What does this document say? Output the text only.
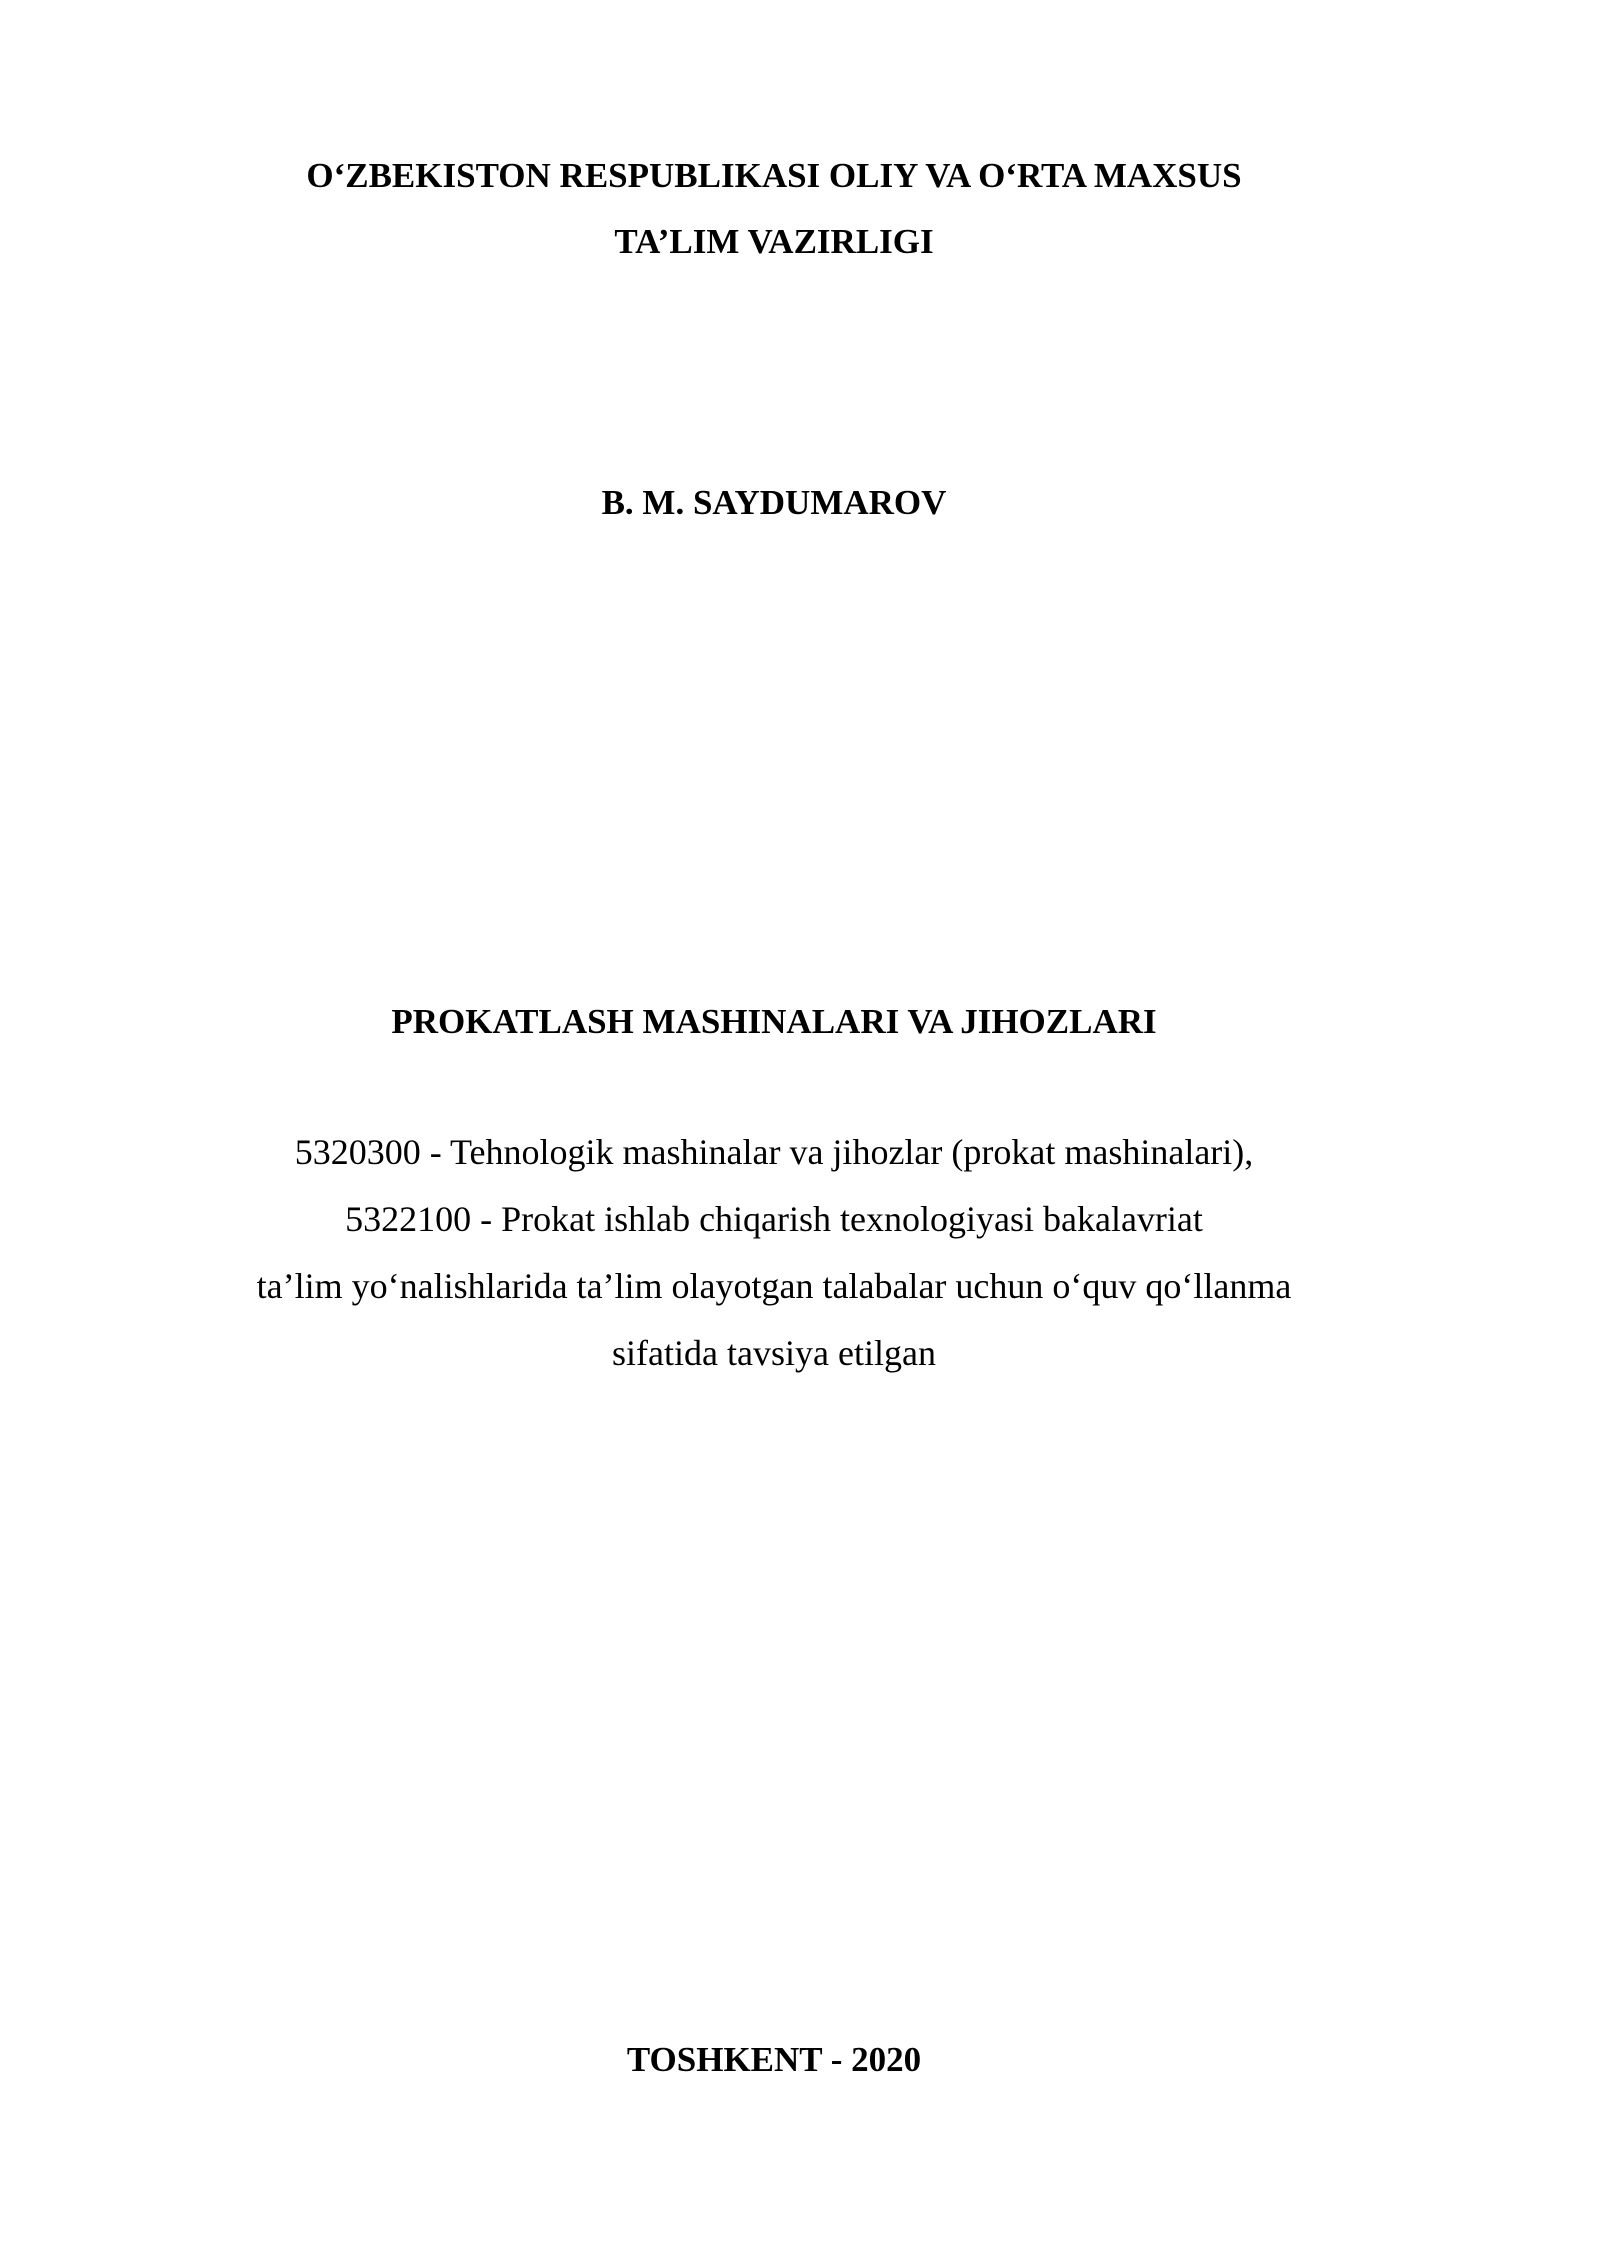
O‘ZBEKISTON RESPUBLIKASI OLIY VA O‘RTA MAXSUS

TA’LIM VAZIRLIGI

B. M. SAYDUMAROV

PROKATLASH MASHINALARI VA JIHOZLARI

5320300 - Tehnologik mashinalar va jihozlar (prokat mashinalari),

5322100 - Prokat ishlab chiqarish texnologiyasi bakalavriat

ta’lim yo‘nalishlarida ta’lim olayotgan talabalar uchun o‘quv qo‘llanma

sifatida tavsiya etilgan

TOSHKENT - 2020
